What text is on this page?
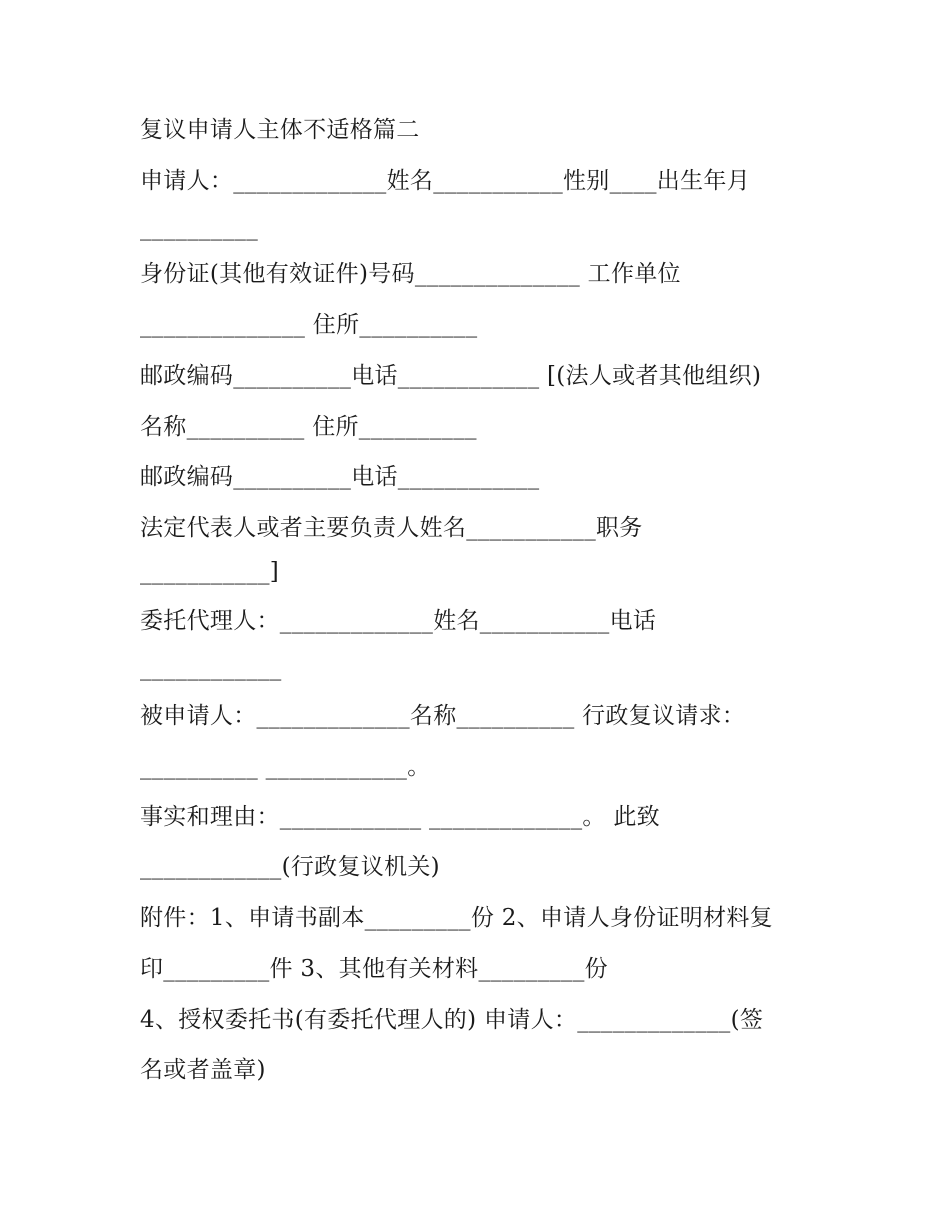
复议申请人主体不适格篇二
申请人：_____________姓名___________性别____出生年月
__________
身份证(其他有效证件)号码______________ 工作单位
______________ 住所__________
邮政编码__________电话____________ [(法人或者其他组织)
名称__________ 住所__________
邮政编码__________电话____________
法定代表人或者主要负责人姓名___________职务
___________]
委托代理人：_____________姓名___________电话
____________
被申请人：_____________名称__________ 行政复议请求：
__________ ____________。
事实和理由：____________ _____________。 此致
____________(行政复议机关)
附件：1、申请书副本_________份 2、申请人身份证明材料复
印_________件 3、其他有关材料_________份
4、授权委托书(有委托代理人的) 申请人：_____________(签
名或者盖章)
